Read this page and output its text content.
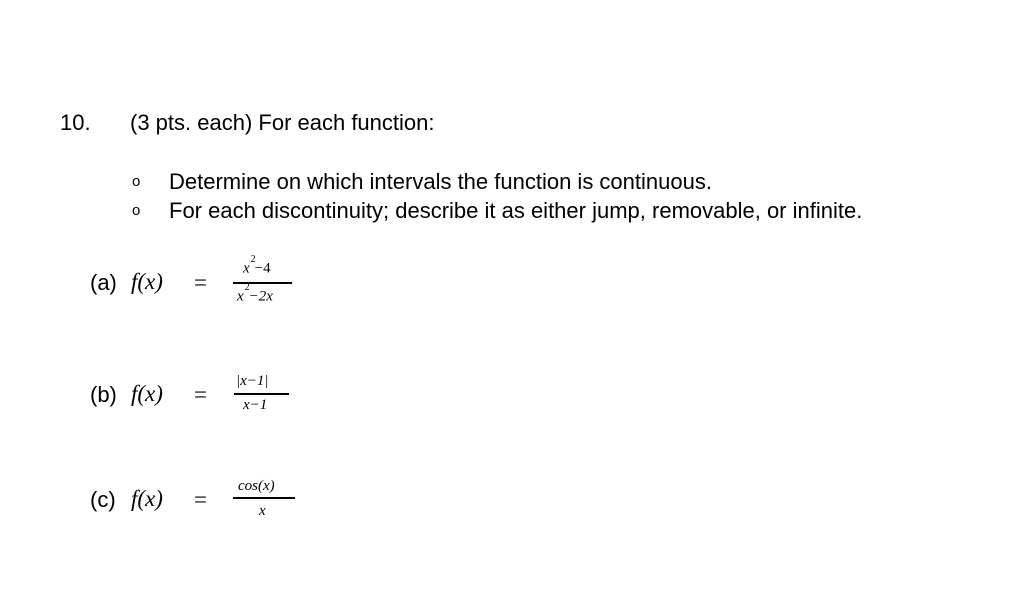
10. (3 pts. each) For each function:
o Determine on which intervals the function is continuous.
o For each discontinuity; describe it as either jump, removable, or infinite.
(a) f(x) =
$x^2-4$
$x^2-2x$
(b) f(x) =
|x−1|
x−1
(c) f(x) =
cos(x)
x
